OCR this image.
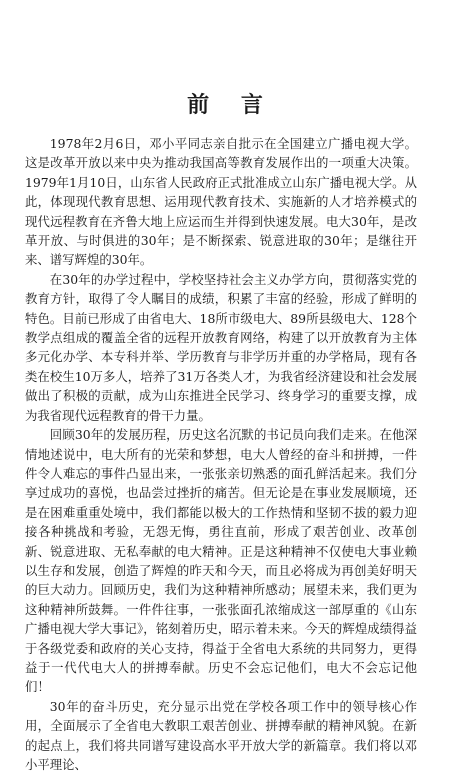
前 言

1978年2月6日，邓小平同志亲自批示在全国建立广播电视大学。这是改革开放以来中央为推动我国高等教育发展作出的一项重大决策。1979年1月10日，山东省人民政府正式批准成立山东广播电视大学。从此，体现现代教育思想、运用现代教育技术、实施新的人才培养模式的现代远程教育在齐鲁大地上应运而生并得到快速发展。电大30年，是改革开放、与时俱进的30年；是不断探索、锐意进取的30年；是继往开来、谱写辉煌的30年。

在30年的办学过程中，学校坚持社会主义办学方向，贯彻落实党的教育方针，取得了令人瞩目的成绩，积累了丰富的经验，形成了鲜明的特色。目前已形成了由省电大、18所市级电大、89所县级电大、128个教学点组成的覆盖全省的远程开放教育网络，构建了以开放教育为主体多元化办学、本专科并举、学历教育与非学历并重的办学格局，现有各类在校生10万多人，培养了31万各类人才，为我省经济建设和社会发展做出了积极的贡献，成为山东推进全民学习、终身学习的重要支撑，成为我省现代远程教育的骨干力量。

回顾30年的发展历程，历史这名沉默的书记员向我们走来。在他深情地述说中，电大所有的光荣和梦想，电大人曾经的奋斗和拼搏，一件件令人难忘的事件凸显出来，一张张亲切熟悉的面孔鲜活起来。我们分享过成功的喜悦，也品尝过挫折的痛苦。但无论是在事业发展顺境，还是在困难重重处境中，我们都能以极大的工作热情和坚韧不拔的毅力迎接各种挑战和考验，无怨无悔，勇往直前，形成了艰苦创业、改革创新、锐意进取、无私奉献的电大精神。正是这种精神不仅使电大事业赖以生存和发展，创造了辉煌的昨天和今天，而且必将成为再创美好明天的巨大动力。回顾历史，我们为这种精神所感动；展望未来，我们更为这种精神所鼓舞。一件件往事，一张张面孔浓缩成这一部厚重的《山东广播电视大学大事记》，铭刻着历史，昭示着未来。今天的辉煌成绩得益于各级党委和政府的关心支持，得益于全省电大系统的共同努力，更得益于一代代电大人的拼搏奉献。历史不会忘记他们，电大不会忘记他们！

30年的奋斗历史，充分显示出党在学校各项工作中的领导核心作用，全面展示了全省电大教职工艰苦创业、拼搏奉献的精神风貌。在新的起点上，我们将共同谱写建设高水平开放大学的新篇章。我们将以邓小平理论、
